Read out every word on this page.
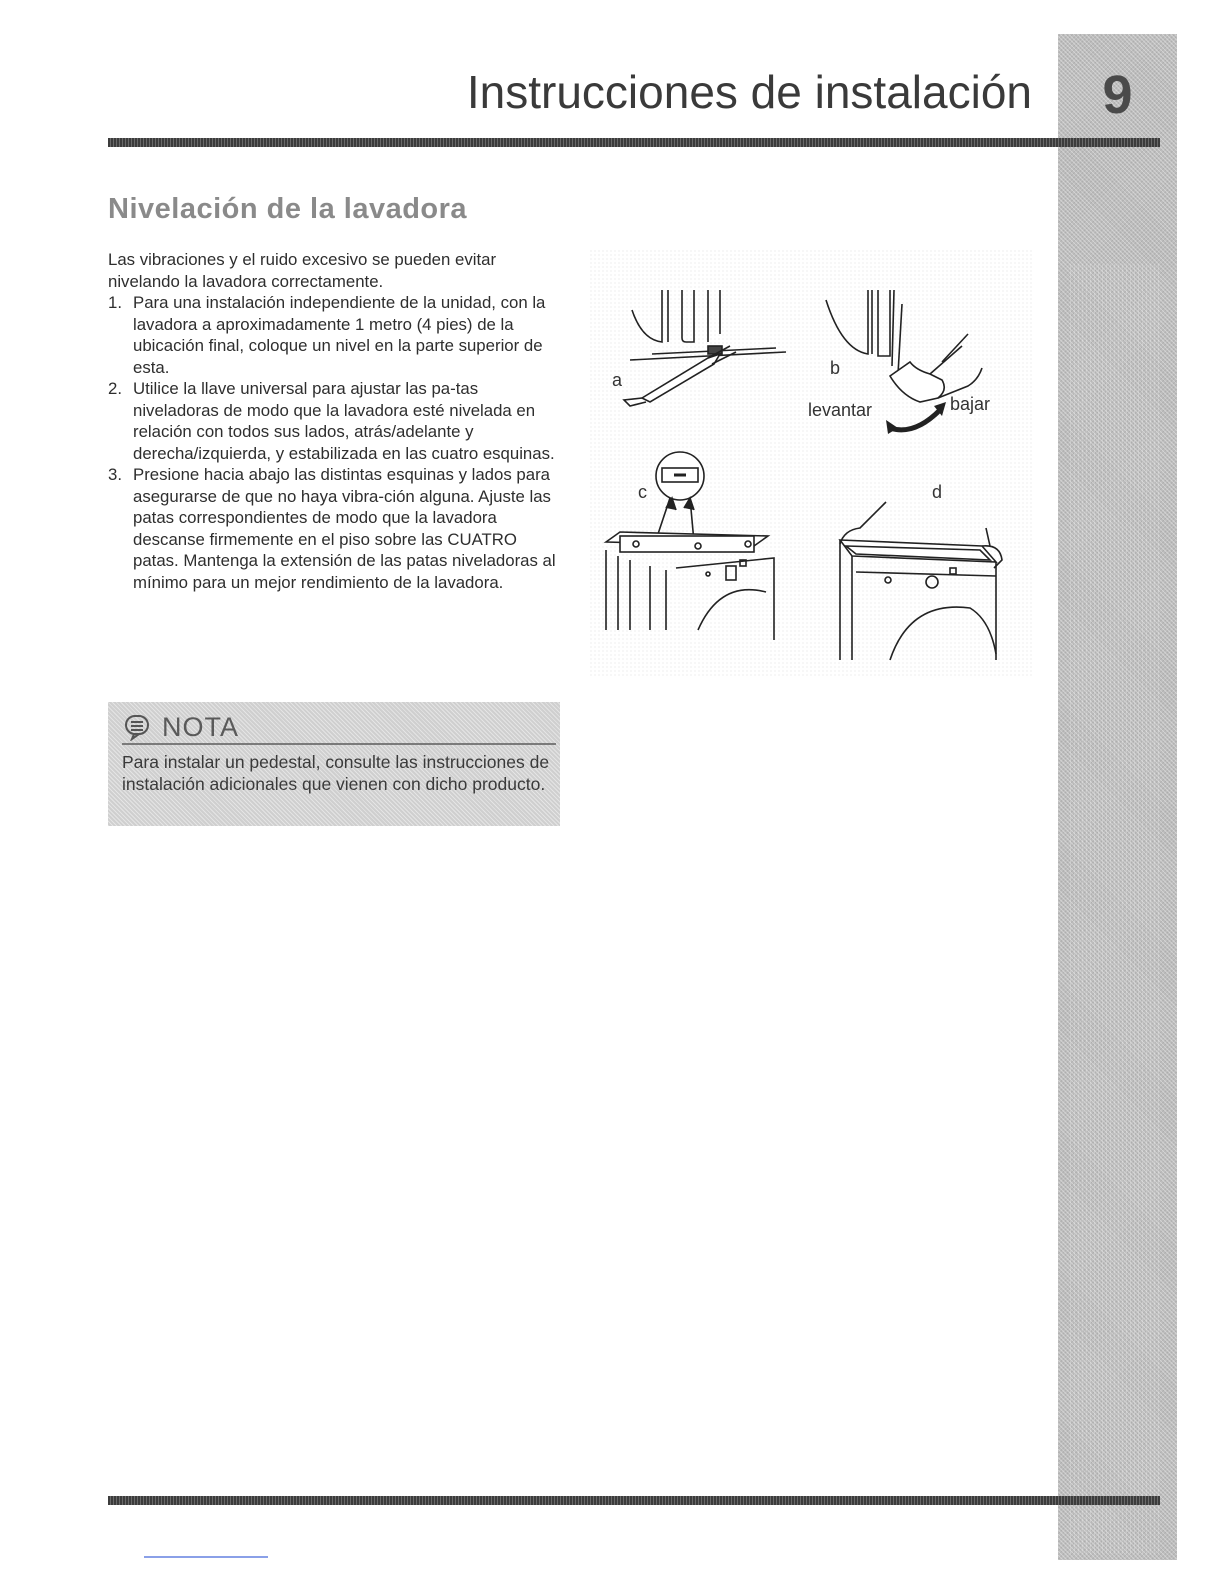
9
Instrucciones de instalación
Nivelación de la lavadora

Las vibraciones y el ruido excesivo se pueden evitar nivelando la lavadora correctamente.

1. Para una instalación independiente de la unidad, con la lavadora a aproximadamente 1 metro (4 pies) de la ubicación final, coloque un nivel en la parte superior de esta.
2. Utilice la llave universal para ajustar las pa-tas niveladoras de modo que la lavadora esté nivelada en relación con todos sus lados, atrás/adelante y derecha/izquierda, y estabilizada en las cuatro esquinas.
3. Presione hacia abajo las distintas esquinas y lados para asegurarse de que no haya vibra-ción alguna. Ajuste las patas correspondientes de modo que la lavadora descanse firmemente en el piso sobre las CUATRO patas. Mantenga la extensión de las patas niveladoras al mínimo para un mejor rendimiento de la lavadora.
NOTA
Para instalar un pedestal, consulte las instrucciones de instalación adicionales que vienen con dicho producto.
a
b
levantar	bajar
c	d
